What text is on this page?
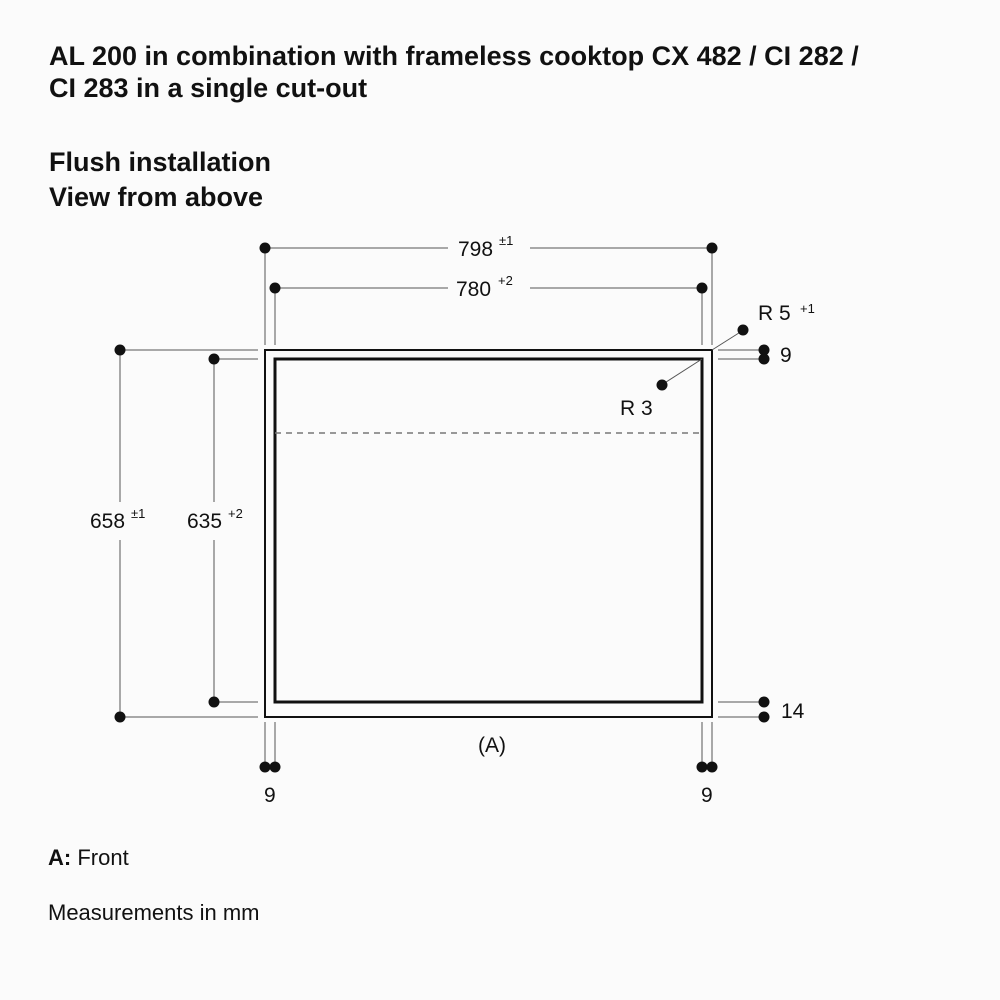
AL 200 in combination with frameless cooktop CX 482 / CI 282 /
CI 283 in a single cut-out
Flush installation
View from above
798 ±1
780 +2
658 ±1 635 +2
R 5 +1
R 3
9
14
9	9
(A)
A: Front
Measurements in mm
